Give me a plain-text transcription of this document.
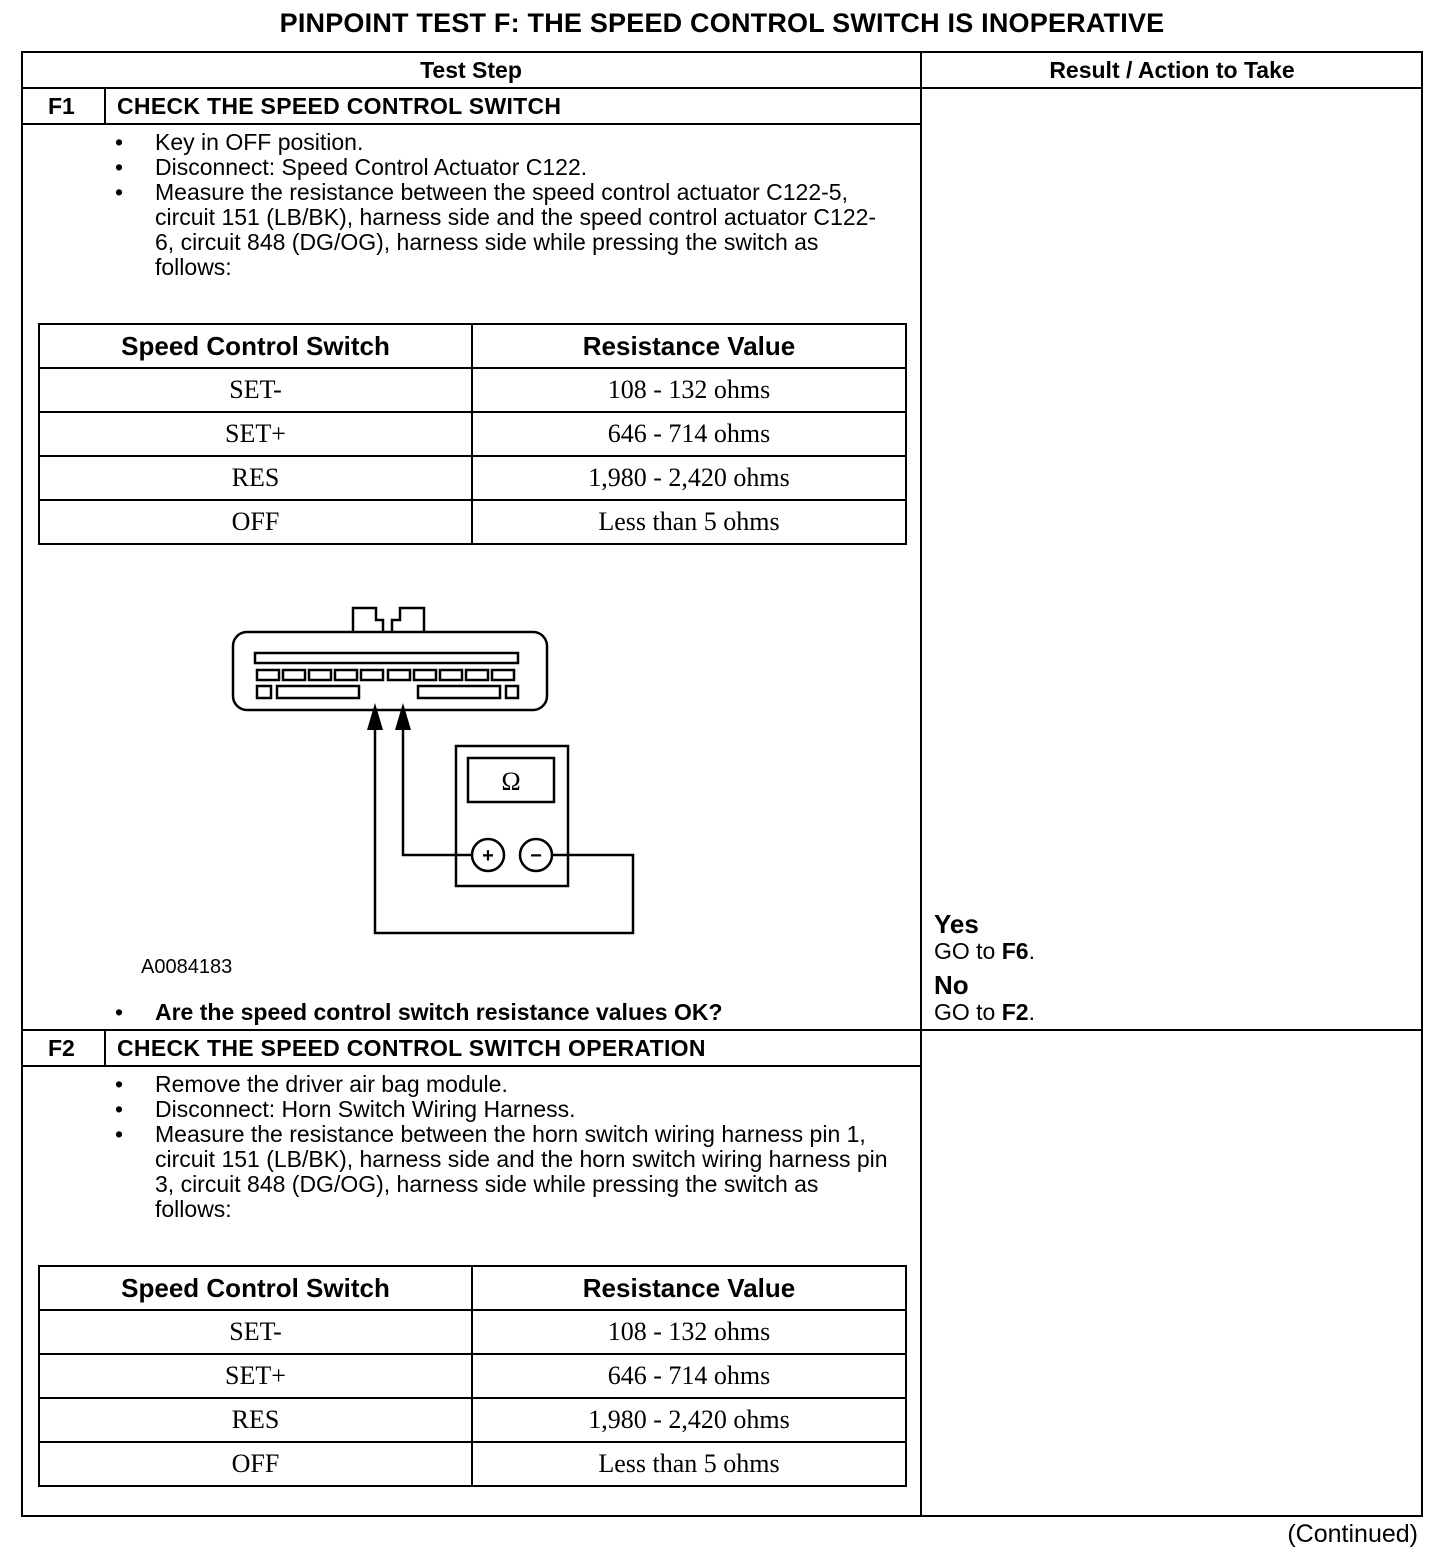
PINPOINT TEST F: THE SPEED CONTROL SWITCH IS INOPERATIVE
Test Step	Result / Action to Take
F1 CHECK THE SPEED CONTROL SWITCH
• Key in OFF position.
• Disconnect: Speed Control Actuator C122.
• Measure the resistance between the speed control actuator C122-5, circuit 151 (LB/BK), harness side and the speed control actuator C122-6, circuit 848 (DG/OG), harness side while pressing the switch as follows:
Speed Control Switch	Resistance Value
SET-	108 - 132 ohms
SET+	646 - 714 ohms
RES	1,980 - 2,420 ohms
OFF	Less than 5 ohms
Ω
+ −
A0084183
• Are the speed control switch resistance values OK?
Yes
GO to F6.
No
GO to F2.
F2 CHECK THE SPEED CONTROL SWITCH OPERATION
• Remove the driver air bag module.
• Disconnect: Horn Switch Wiring Harness.
• Measure the resistance between the horn switch wiring harness pin 1, circuit 151 (LB/BK), harness side and the horn switch wiring harness pin 3, circuit 848 (DG/OG), harness side while pressing the switch as follows:
Speed Control Switch	Resistance Value
SET-	108 - 132 ohms
SET+	646 - 714 ohms
RES	1,980 - 2,420 ohms
OFF	Less than 5 ohms
(Continued)
